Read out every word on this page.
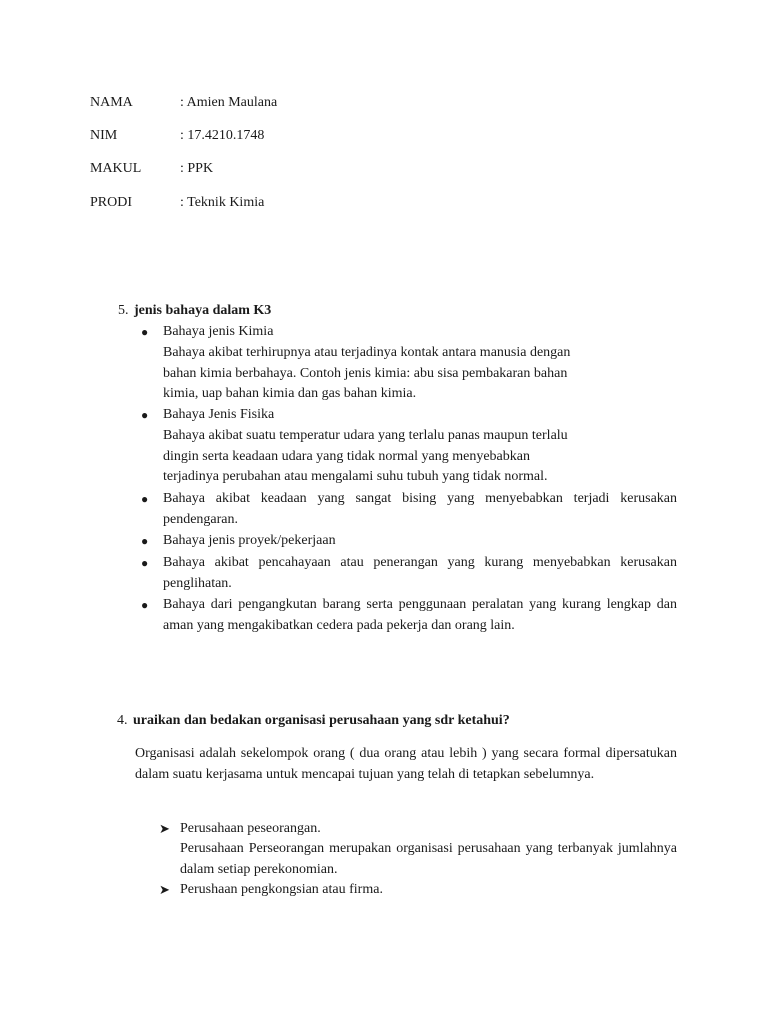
NAMA	: Amien Maulana
NIM	: 17.4210.1748
MAKUL	: PPK
PRODI	: Teknik Kimia
5. jenis bahaya dalam K3
● Bahaya jenis Kimia
Bahaya akibat terhirupnya atau terjadinya kontak antara manusia dengan
bahan kimia berbahaya. Contoh jenis kimia: abu sisa pembakaran bahan
kimia, uap bahan kimia dan gas bahan kimia.
● Bahaya Jenis Fisika
Bahaya akibat suatu temperatur udara yang terlalu panas maupun terlalu
dingin serta keadaan udara yang tidak normal yang menyebabkan
terjadinya perubahan atau mengalami suhu tubuh yang tidak normal.
● Bahaya akibat keadaan yang sangat bising yang menyebabkan terjadi kerusakan pendengaran.
● Bahaya jenis proyek/pekerjaan
● Bahaya akibat pencahayaan atau penerangan yang kurang menyebabkan kerusakan penglihatan.
● Bahaya dari pengangkutan barang serta penggunaan peralatan yang kurang lengkap dan aman yang mengakibatkan cedera pada pekerja dan orang lain.
4. uraikan dan bedakan organisasi perusahaan yang sdr ketahui?
Organisasi adalah sekelompok orang ( dua orang atau lebih ) yang secara formal dipersatukan dalam suatu kerjasama untuk mencapai tujuan yang telah di tetapkan sebelumnya.
➤ Perusahaan peseorangan.
Perusahaan Perseorangan merupakan organisasi perusahaan yang terbanyak jumlahnya dalam setiap perekonomian.
➤ Perushaan pengkongsian atau firma.
